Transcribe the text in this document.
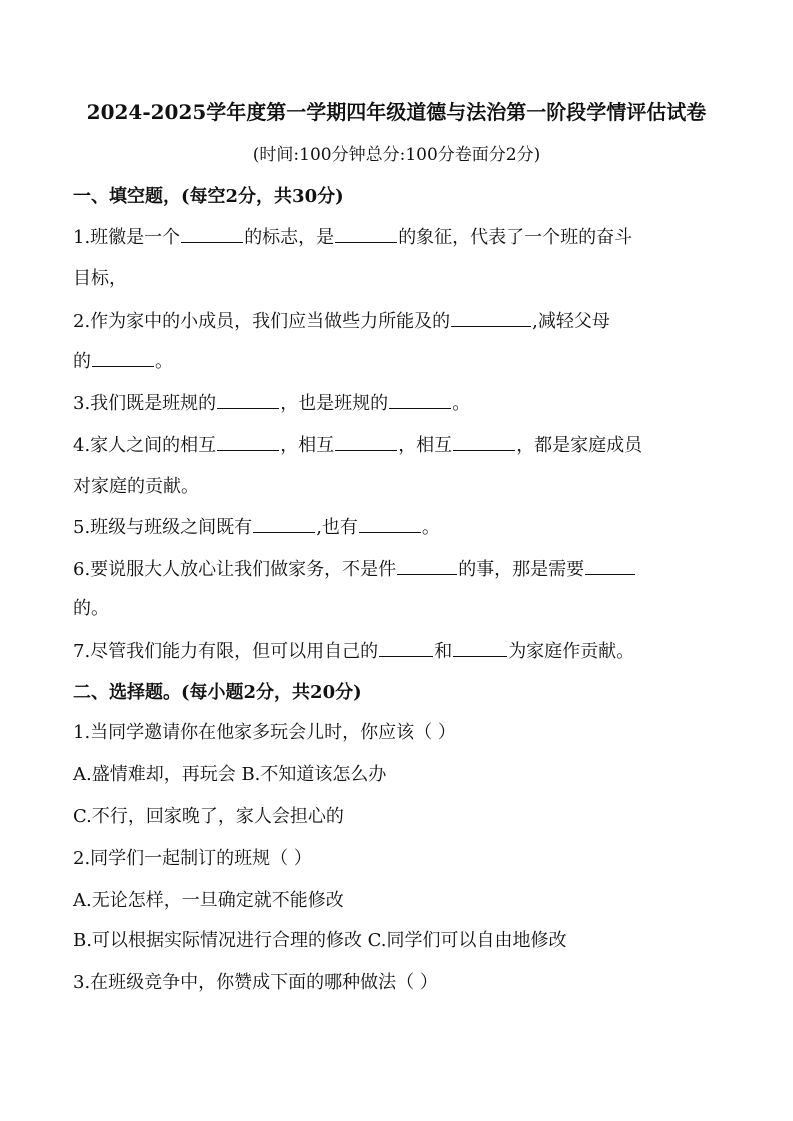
2024-2025学年度第一学期四年级道德与法治第一阶段学情评估试卷
(时间:100分钟总分:100分卷面分2分)
一、填空题，(每空2分，共30分)
1.班徽是一个	的标志，是	的象征，代表了一个班的奋斗
目标，
2.作为家中的小成员，我们应当做些力所能及的	,减轻父母
的	。
3.我们既是班规的	，也是班规的	。
4.家人之间的相互	，相互	，相互	，都是家庭成员
对家庭的贡献。
5.班级与班级之间既有	,也有	。
6.要说服大人放心让我们做家务，不是件	的事，那是需要
的。
7.尽管我们能力有限，但可以用自己的	和	为家庭作贡献。
二、选择题。(每小题2分，共20分)
1.当同学邀请你在他家多玩会儿时，你应该（ ）
A.盛情难却，再玩会 B.不知道该怎么办
C.不行，回家晚了，家人会担心的
2.同学们一起制订的班规（ ）
A.无论怎样，一旦确定就不能修改
B.可以根据实际情况进行合理的修改 C.同学们可以自由地修改
3.在班级竞争中，你赞成下面的哪种做法（ ）
